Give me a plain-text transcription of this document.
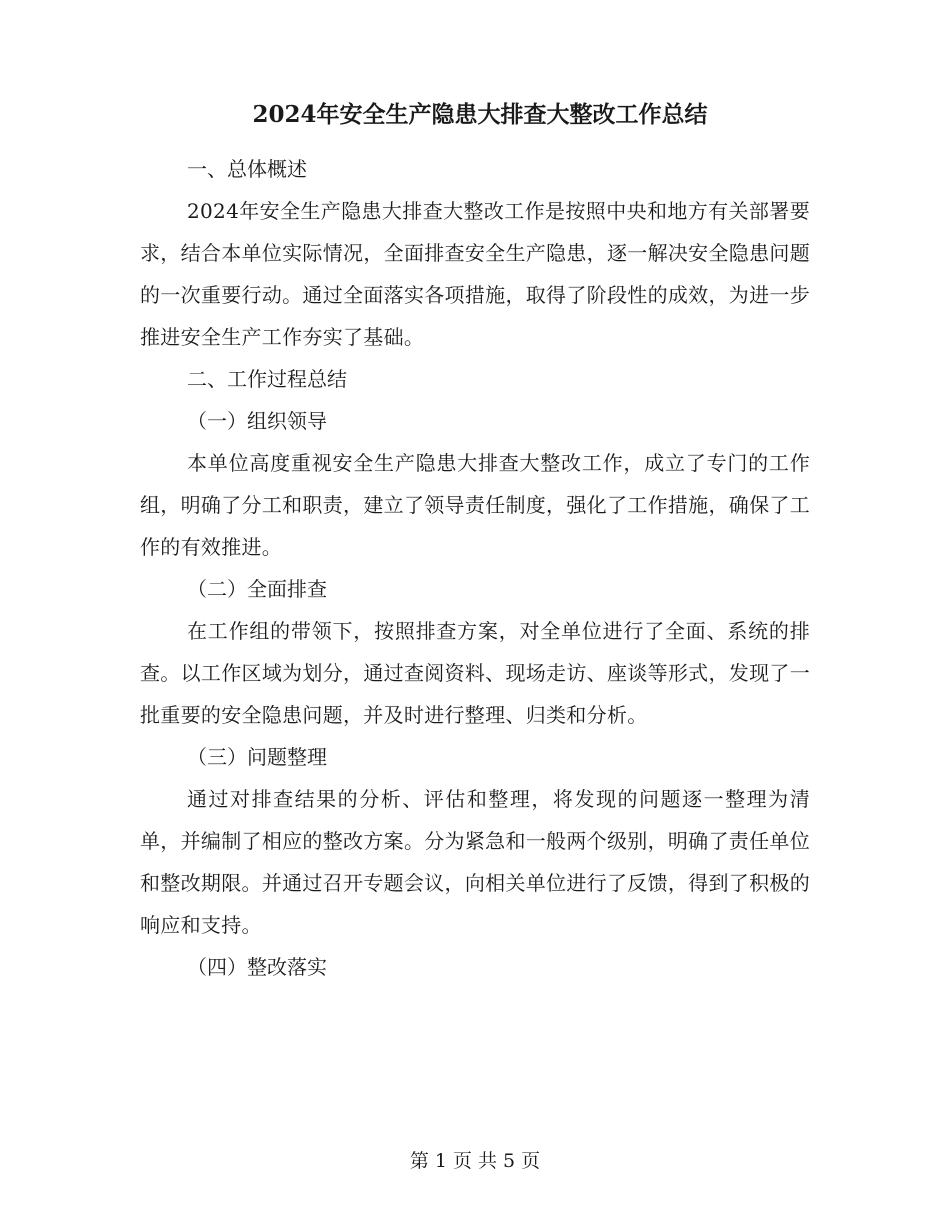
2024年安全生产隐患大排查大整改工作总结

一、总体概述

2024年安全生产隐患大排查大整改工作是按照中央和地方有关部署要求，结合本单位实际情况，全面排查安全生产隐患，逐一解决安全隐患问题的一次重要行动。通过全面落实各项措施，取得了阶段性的成效，为进一步推进安全生产工作夯实了基础。

二、工作过程总结

（一）组织领导

本单位高度重视安全生产隐患大排查大整改工作，成立了专门的工作组，明确了分工和职责，建立了领导责任制度，强化了工作措施，确保了工作的有效推进。

（二）全面排查

在工作组的带领下，按照排查方案，对全单位进行了全面、系统的排查。以工作区域为划分，通过查阅资料、现场走访、座谈等形式，发现了一批重要的安全隐患问题，并及时进行整理、归类和分析。

（三）问题整理

通过对排查结果的分析、评估和整理，将发现的问题逐一整理为清单，并编制了相应的整改方案。分为紧急和一般两个级别，明确了责任单位和整改期限。并通过召开专题会议，向相关单位进行了反馈，得到了积极的响应和支持。

（四）整改落实

第 1 页 共 5 页
